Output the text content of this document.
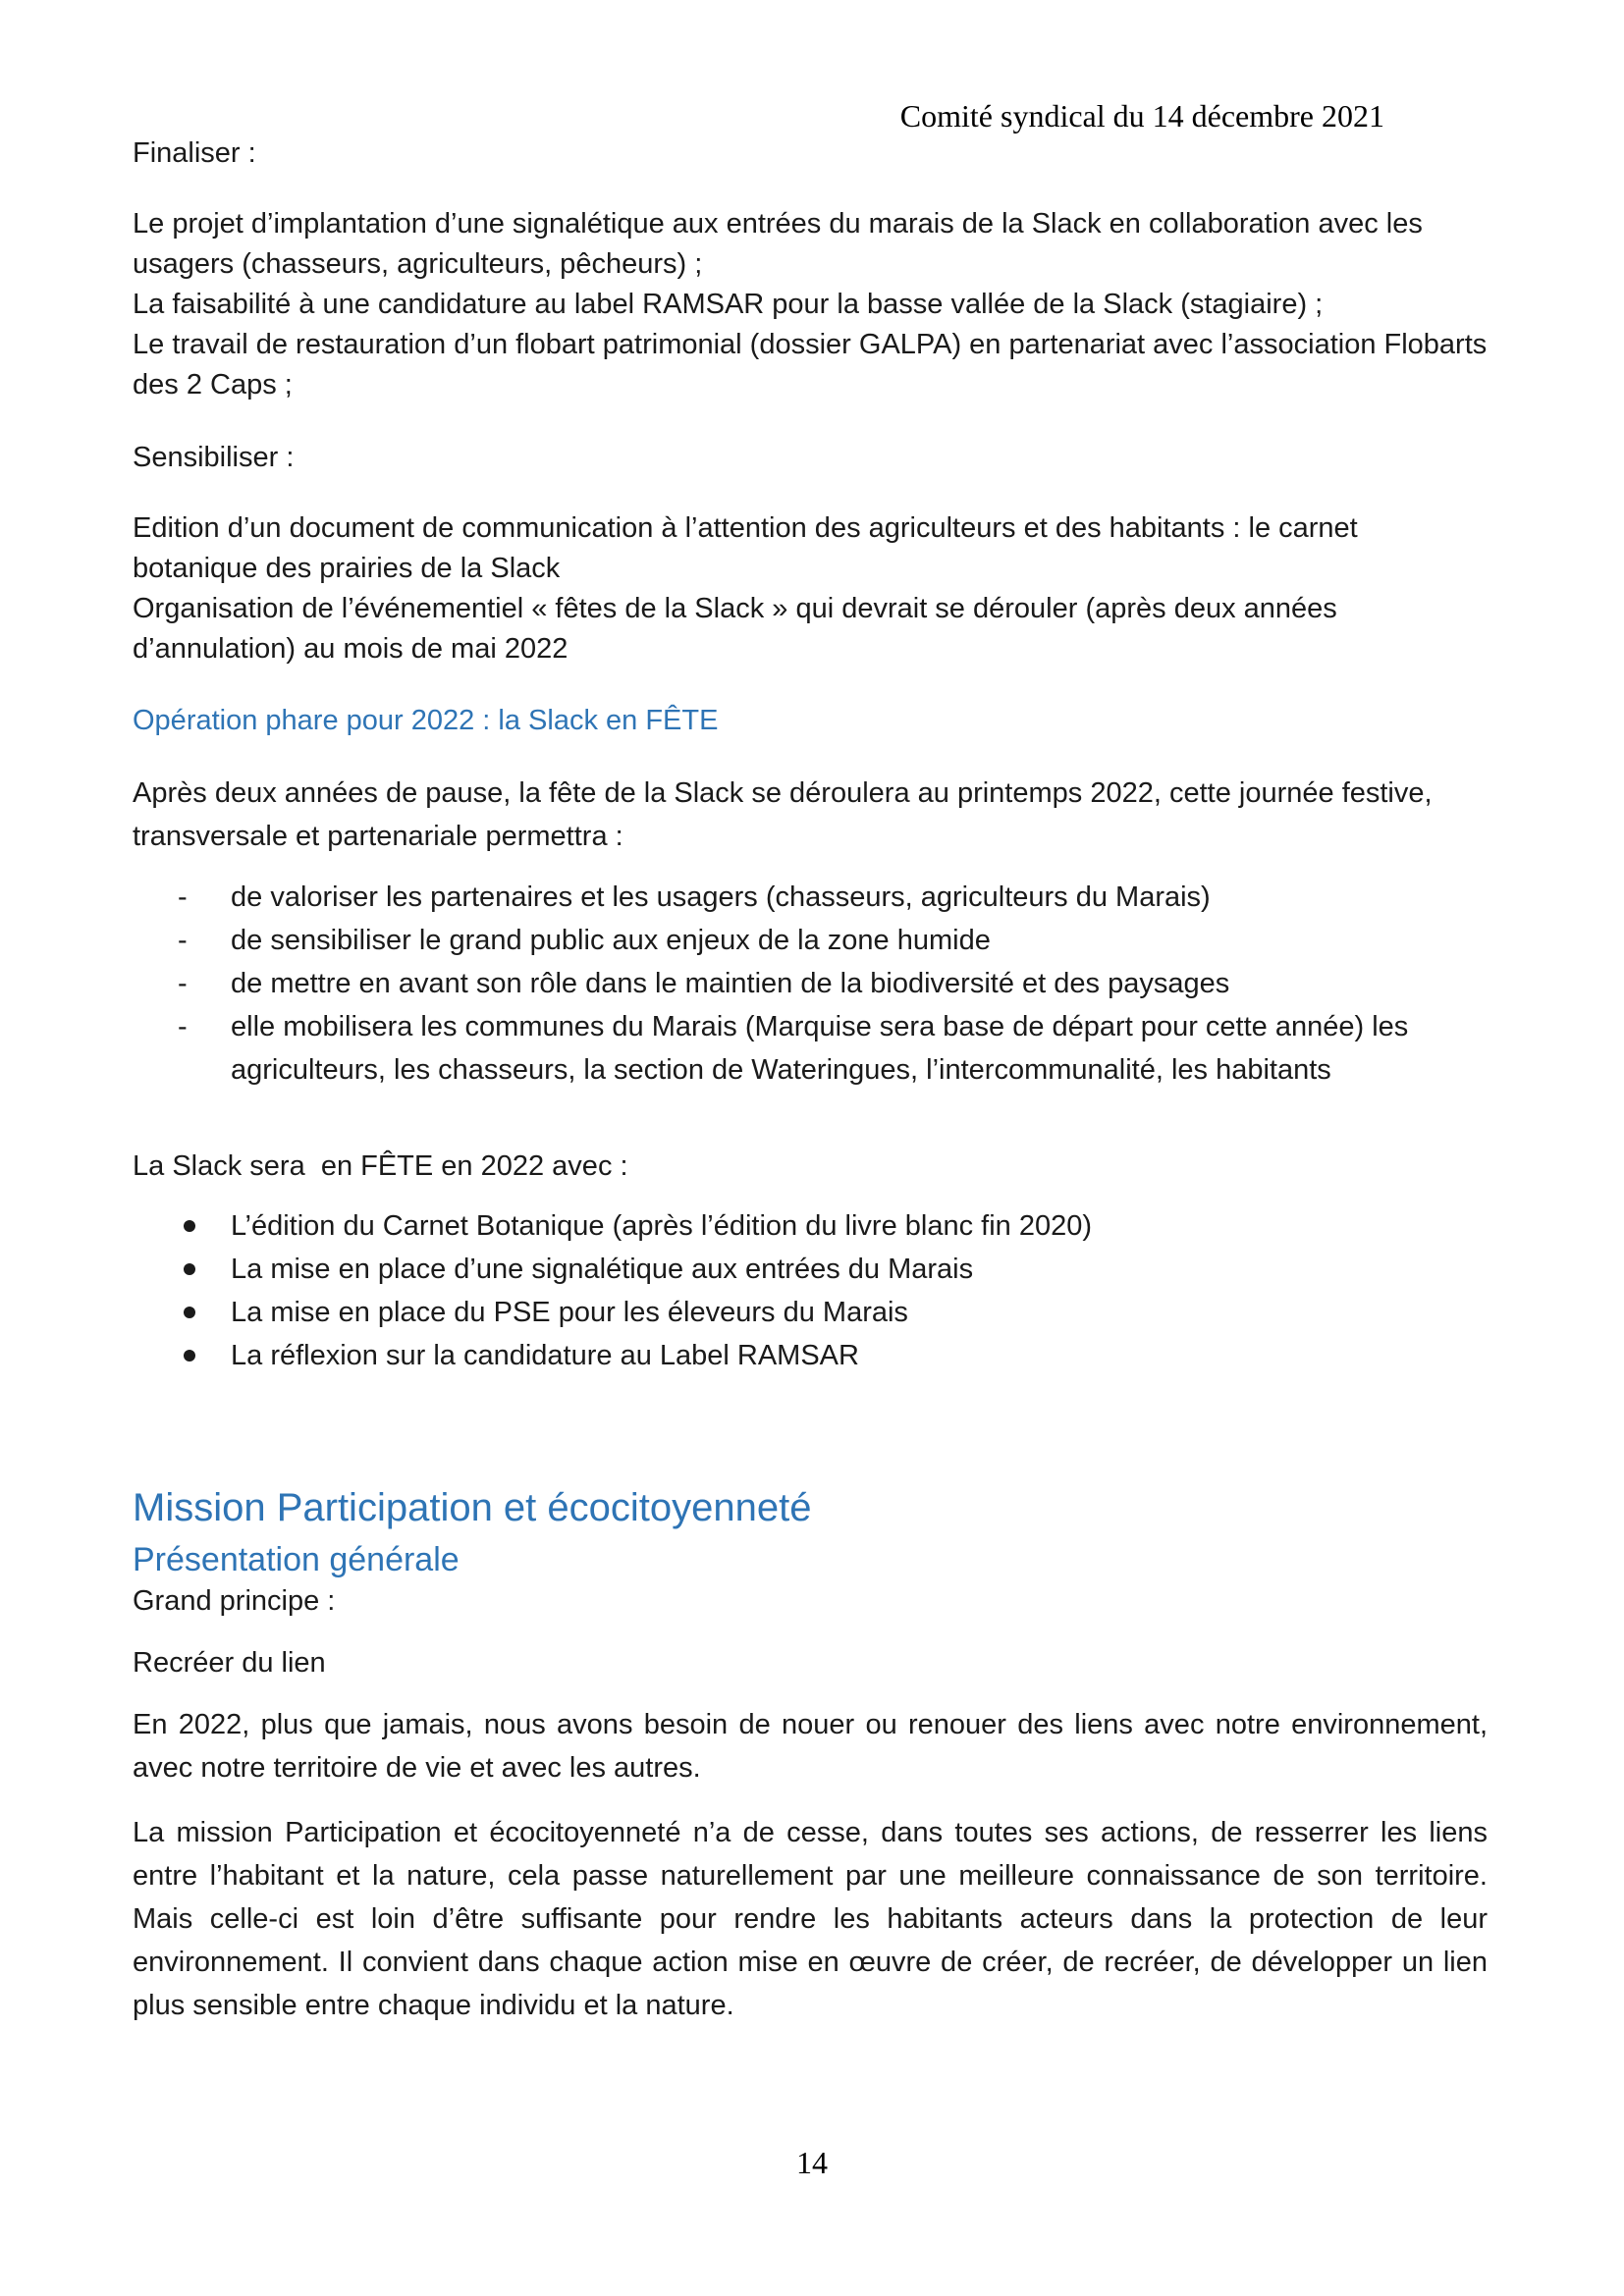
Comité syndical du 14 décembre 2021

Finaliser :

Le projet d’implantation d’une signalétique aux entrées du marais de la Slack en collaboration avec les usagers (chasseurs, agriculteurs, pêcheurs) ;

La faisabilité à une candidature au label RAMSAR pour la basse vallée de la Slack (stagiaire) ;

Le travail de restauration d’un flobart patrimonial (dossier GALPA) en partenariat avec l’association Flobarts des 2 Caps ;

Sensibiliser :

Edition d’un document de communication à l’attention des agriculteurs et des habitants : le carnet botanique des prairies de la Slack

Organisation de l’événementiel « fêtes de la Slack » qui devrait se dérouler (après deux années d’annulation) au mois de mai 2022

Opération phare pour 2022 : la Slack en FÊTE

Après deux années de pause, la fête de la Slack se déroulera au printemps 2022, cette journée festive, transversale et partenariale permettra :

-	de valoriser les partenaires et les usagers (chasseurs, agriculteurs du Marais)
-	de sensibiliser le grand public aux enjeux de la zone humide
-	de mettre en avant son rôle dans le maintien de la biodiversité et des paysages
-	elle mobilisera les communes du Marais (Marquise sera base de départ pour cette année) les agriculteurs, les chasseurs, la section de Wateringues, l’intercommunalité, les habitants

La Slack sera  en FÊTE en 2022 avec :

L’édition du Carnet Botanique (après l’édition du livre blanc fin 2020)
La mise en place d’une signalétique aux entrées du Marais
La mise en place du PSE pour les éleveurs du Marais
La réflexion sur la candidature au Label RAMSAR

Mission Participation et écocitoyenneté

Présentation générale

Grand principe :

Recréer du lien

En 2022, plus que jamais, nous avons besoin de nouer ou renouer des liens avec notre environnement, avec notre territoire de vie et avec les autres.

La mission Participation et écocitoyenneté n’a de cesse, dans toutes ses actions, de resserrer les liens entre l’habitant et la nature, cela passe naturellement par une meilleure connaissance de son territoire. Mais celle-ci est loin d’être suffisante pour rendre les habitants acteurs dans la protection de leur environnement. Il convient dans chaque action mise en œuvre de créer, de recréer, de développer un lien plus sensible entre chaque individu et la nature.

14
